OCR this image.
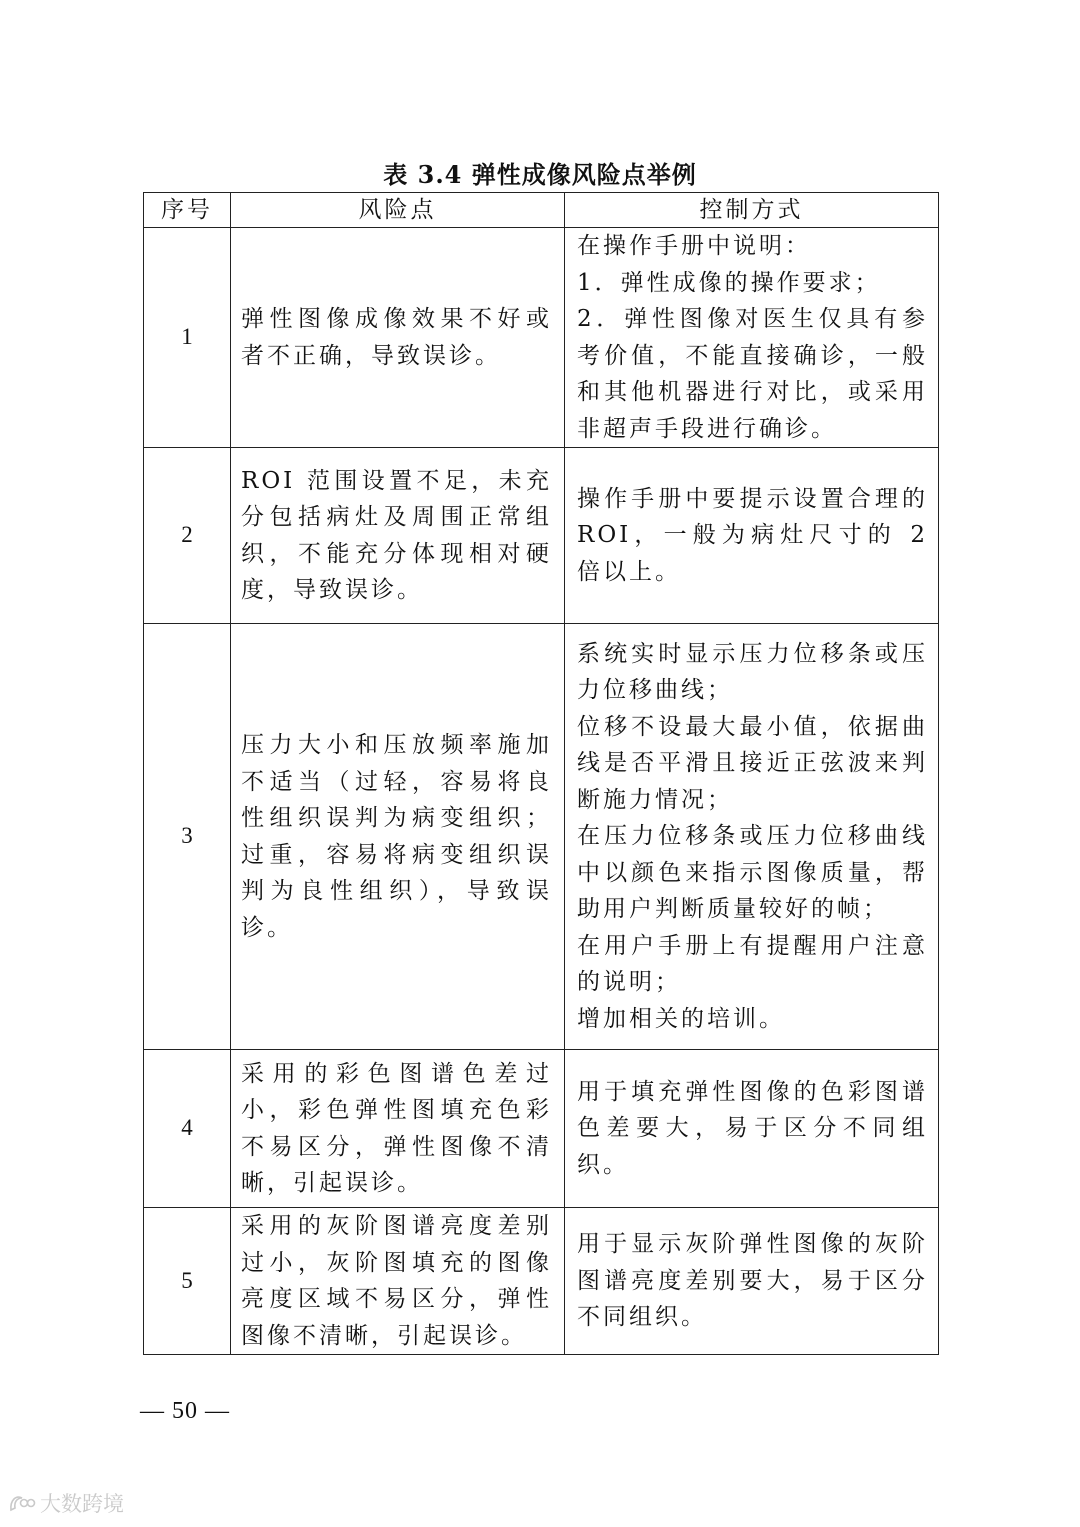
表 3.4 弹性成像风险点举例
序号	风险点	控制方式
1	弹性图像成像效果不好或者不正确，导致误诊。	在操作手册中说明：
1．弹性成像的操作要求；
2．弹性图像对医生仅具有参考价值，不能直接确诊，一般和其他机器进行对比，或采用非超声手段进行确诊。

2	ROI 范围设置不足，未充分包括病灶及周围正常组织，不能充分体现相对硬度，导致误诊。	操作手册中要提示设置合理的 ROI，一般为病灶尺寸的 2 倍以上。

3	压力大小和压放频率施加不适当（过轻，容易将良性组织误判为病变组织；过重，容易将病变组织误判为良性组织），导致误诊。	系统实时显示压力位移条或压力位移曲线；
位移不设最大最小值，依据曲线是否平滑且接近正弦波来判断施力情况；
在压力位移条或压力位移曲线中以颜色来指示图像质量，帮助用户判断质量较好的帧；
在用户手册上有提醒用户注意的说明；
增加相关的培训。

4	采用的彩色图谱色差过小，彩色弹性图填充色彩不易区分，弹性图像不清晰，引起误诊。	用于填充弹性图像的色彩图谱色差要大，易于区分不同组织。

5	采用的灰阶图谱亮度差别过小，灰阶图填充的图像亮度区域不易区分，弹性图像不清晰，引起误诊。	用于显示灰阶弹性图像的灰阶图谱亮度差别要大，易于区分不同组织。
— 50 —
大数跨境
